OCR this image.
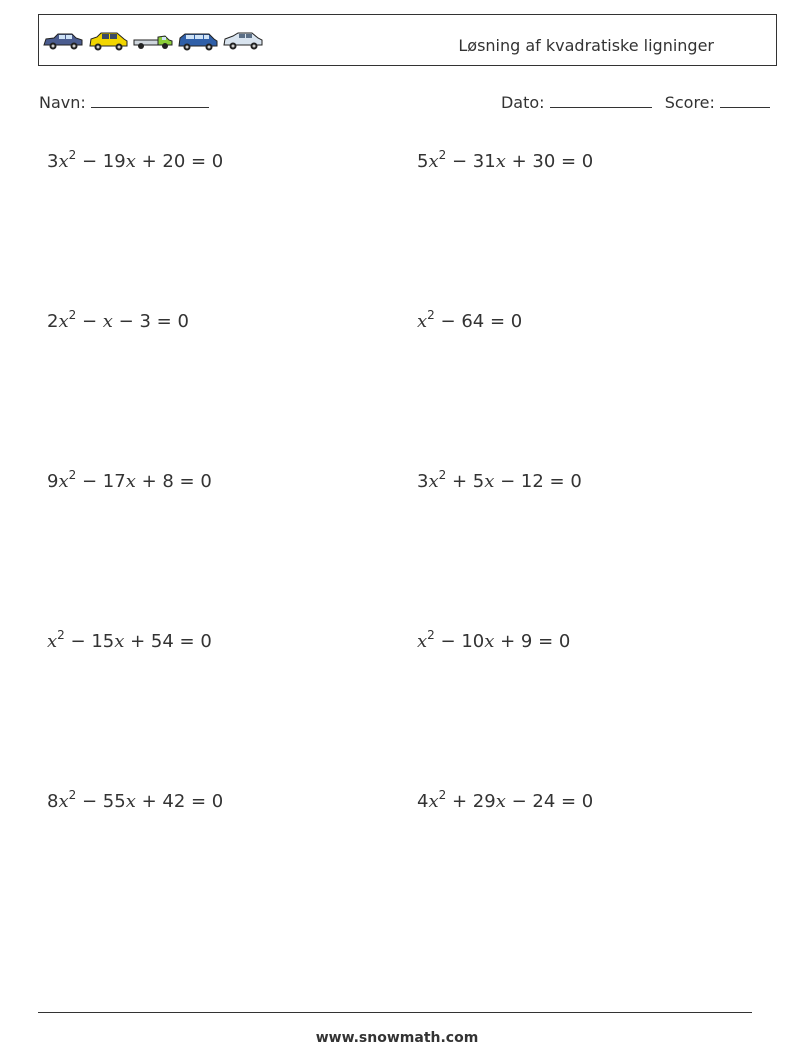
Løsning af kvadratiske ligninger
Navn:	Dato:	Score:
$3x^2 - 19x + 20 = 0$	$5x^2 - 31x + 30 = 0$
$2x^2 - x - 3 = 0$	$x^2 - 64 = 0$
$9x^2 - 17x + 8 = 0$	$3x^2 + 5x - 12 = 0$
$x^2 - 15x + 54 = 0$	$x^2 - 10x + 9 = 0$
$8x^2 - 55x + 42 = 0$	$4x^2 + 29x - 24 = 0$
www.snowmath.com
